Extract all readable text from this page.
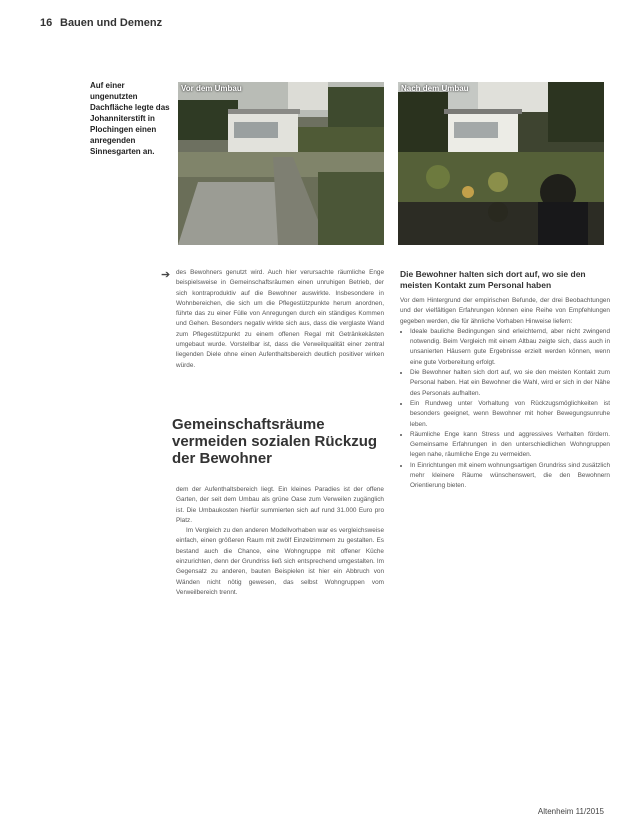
16 Bauen und Demenz
Auf einer ungenutzten Dachfläche legte das Johanniterstift in Plochingen einen anregenden Sinnesgarten an.
Vor dem Umbau	Nach dem Umbau
➔ des Bewohners genutzt wird. Auch hier verursachte räumliche Enge beispielsweise in Gemeinschaftsräumen einen unruhigen Betrieb, der sich kontraproduktiv auf die Bewohner auswirkte. Insbesondere in Wohnbereichen, die sich um die Pflegestützpunkte herum anordnen, führte das zu einer Fülle von Anregungen durch ein ständiges Kommen und Gehen. Besonders negativ wirkte sich aus, dass die verglaste Wand zum Pflegestützpunkt zu einem offenen Regal mit Getränkekästen umgebaut wurde. Vorstellbar ist, dass die Verweilqualität einer zentral liegenden Diele ohne einen Aufenthaltsbereich deutlich positiver wirken würde.

Gemeinschaftsräume vermeiden sozialen Rückzug der Bewohner

dem der Aufenthaltsbereich liegt. Ein kleines Paradies ist der offene Garten, der seit dem Umbau als grüne Oase zum Verweilen zugänglich ist. Die Umbaukosten hierfür summierten sich auf rund 31.000 Euro pro Platz.

Im Vergleich zu den anderen Modellvorhaben war es vergleichsweise einfach, einen größeren Raum mit zwölf Einzelzimmern zu gestalten. Es bestand auch die Chance, eine Wohngruppe mit offener Küche einzurichten, denn der Grundriss ließ sich entsprechend umgestalten. Im Gegensatz zu anderen, bauten Beispielen ist hier ein Abbruch von Wänden nicht nötig gewesen, das selbst Wohngruppen vom Verweilbereich trennt.

Die Bewohner halten sich dort auf, wo sie den meisten Kontakt zum Personal haben

Vor dem Hintergrund der empirischen Befunde, der drei Beobachtungen und der vielfältigen Erfahrungen können eine Reihe von Empfehlungen gegeben werden, die für ähnliche Vorhaben Hinweise liefern:

• Ideale bauliche Bedingungen sind erleichternd, aber nicht zwingend notwendig. Beim Vergleich mit einem Altbau zeigte sich, dass auch in unsanierten Häusern gute Ergebnisse erzielt werden können, wenn eine gute Vorbereitung erfolgt.
• Die Bewohner halten sich dort auf, wo sie den meisten Kontakt zum Personal haben. Hat ein Bewohner die Wahl, wird er sich in der Nähe des Personals aufhalten.
• Ein Rundweg unter Vorhaltung von Rückzugsmöglichkeiten ist besonders geeignet, wenn Bewohner mit hoher Bewegungsunruhe leben.
• Räumliche Enge kann Stress und aggressives Verhalten fördern. Gemeinsame Erfahrungen in den unterschiedlichen Wohngruppen legen nahe, räumliche Enge zu vermeiden.
• In Einrichtungen mit einem wohnungsartigen Grundriss sind zusätzlich mehr kleinere Räume wünschenswert, die den Bewohnern Orientierung bieten.
Altenheim 11/2015
